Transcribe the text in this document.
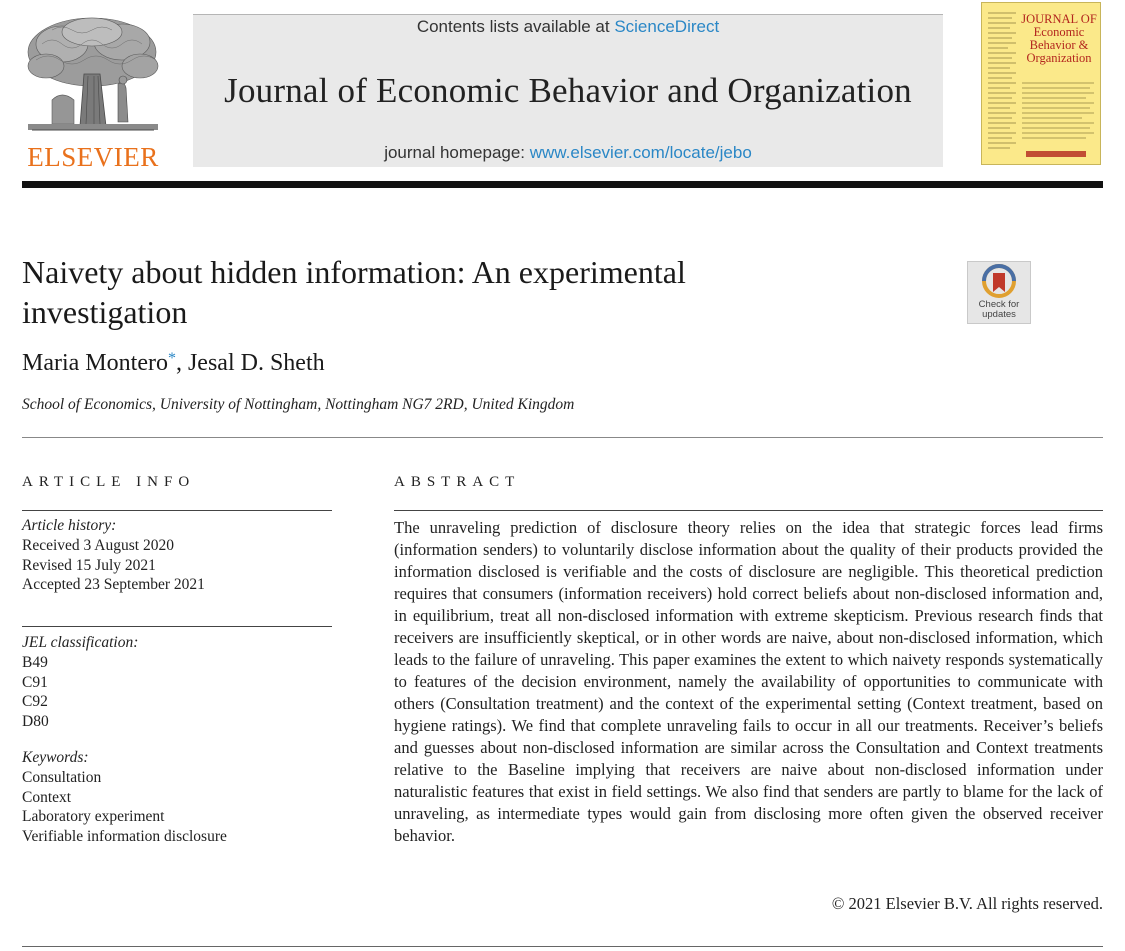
ELSEVIER
Contents lists available at ScienceDirect
Journal of Economic Behavior and Organization
journal homepage: www.elsevier.com/locate/jebo
JOURNAL OF Economic Behavior & Organization
Naivety about hidden information: An experimental
investigation	Check for
updates
Maria Montero*, Jesal D. Sheth
School of Economics, University of Nottingham, Nottingham NG7 2RD, United Kingdom
ARTICLE INFO
Article history:
Received 3 August 2020
Revised 15 July 2021
Accepted 23 September 2021
JEL classification:
B49
C91
C92
D80
Keywords:
Consultation
Context
Laboratory experiment
Verifiable information disclosure
ABSTRACT
The unraveling prediction of disclosure theory relies on the idea that strategic forces lead firms (information senders) to voluntarily disclose information about the quality of their products provided the information disclosed is verifiable and the costs of disclosure are negligible. This theoretical prediction requires that consumers (information receivers) hold correct beliefs about non-disclosed information and, in equilibrium, treat all non-disclosed information with extreme skepticism. Previous research finds that receivers are insufficiently skeptical, or in other words are naive, about non-disclosed information, which leads to the failure of unraveling. This paper examines the extent to which naivety responds systematically to features of the decision environment, namely the availability of opportunities to communicate with others (Consultation treatment) and the context of the experimental setting (Context treatment, based on hygiene ratings). We find that complete unraveling fails to occur in all our treatments. Receiver’s beliefs and guesses about non-disclosed information are similar across the Consultation and Context treatments relative to the Baseline implying that receivers are naive about non-disclosed information under naturalistic features that exist in field settings. We also find that senders are partly to blame for the lack of unraveling, as intermediate types would gain from disclosing more often given the observed receiver behavior.
© 2021 Elsevier B.V. All rights reserved.
